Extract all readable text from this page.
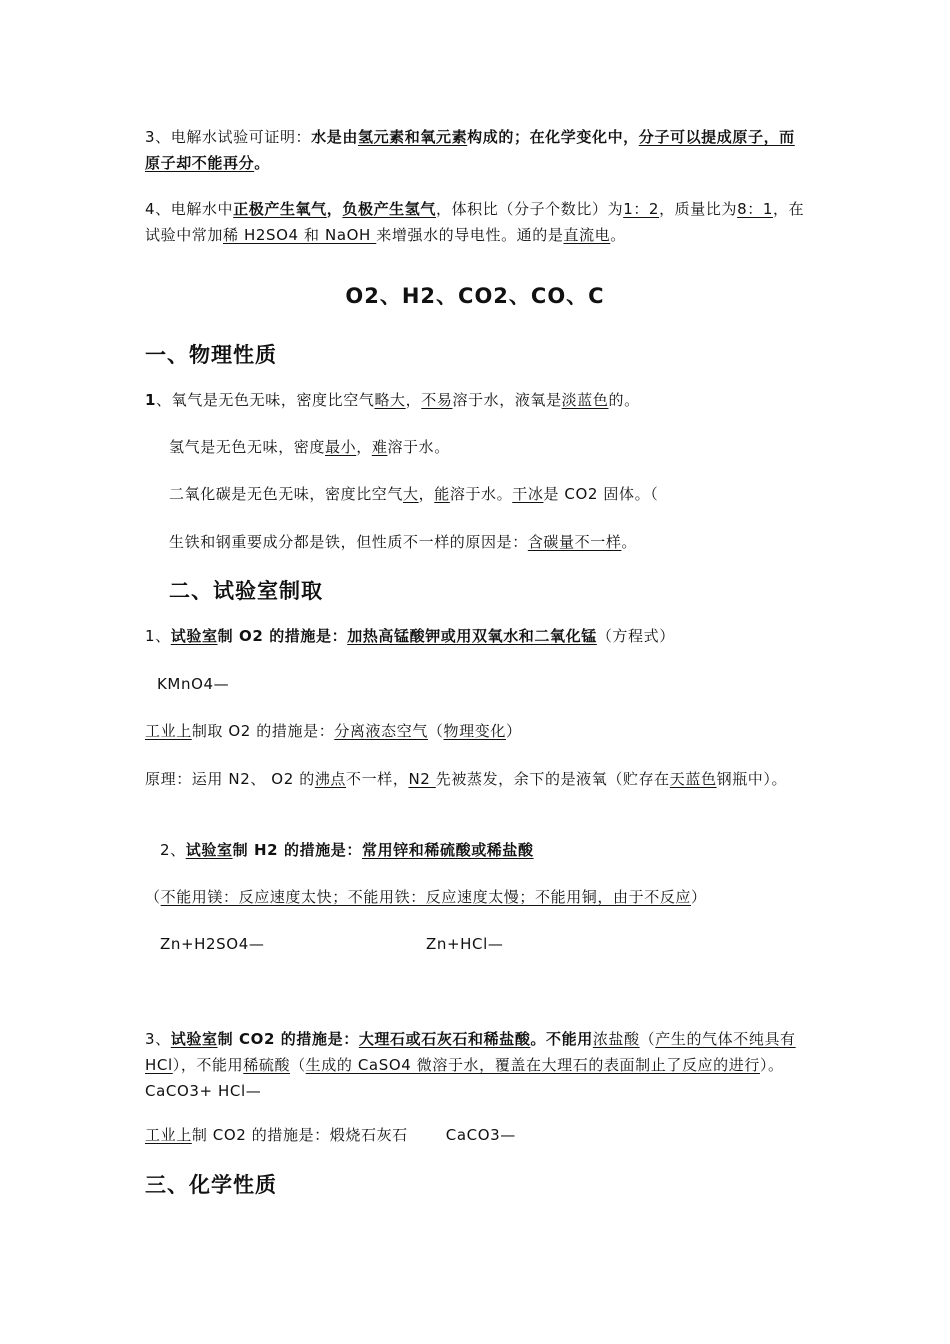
3、电解水试验可证明：水是由氢元素和氧元素构成的；在化学变化中，分子可以提成原子，而原子却不能再分。

4、电解水中正极产生氧气，负极产生氢气，体积比（分子个数比）为1：2，质量比为8：1，在试验中常加稀 H2SO4 和 NaOH 来增强水的导电性。通的是直流电。

O2、H2、CO2、CO、C
一、物理性质

1、氧气是无色无味，密度比空气略大，不易溶于水，液氧是淡蓝色的。

氢气是无色无味，密度最小，难溶于水。

二氧化碳是无色无味，密度比空气大，能溶于水。干冰是 CO2 固体。（

生铁和钢重要成分都是铁，但性质不一样的原因是：含碳量不一样。

二、试验室制取

1、试验室制 O2 的措施是：加热高锰酸钾或用双氧水和二氧化锰（方程式）

KMnO4—

工业上制取 O2 的措施是：分离液态空气（物理变化）

原理：运用 N2、 O2 的沸点不一样，N2 先被蒸发，余下的是液氧（贮存在天蓝色钢瓶中）。

2、试验室制 H2 的措施是：常用锌和稀硫酸或稀盐酸

（不能用镁：反应速度太快；不能用铁：反应速度太慢；不能用铜，由于不反应）

Zn+H2SO4—	Zn+HCl—

3、试验室制 CO2 的措施是：大理石或石灰石和稀盐酸。不能用浓盐酸（产生的气体不纯具有 HCl），不能用稀硫酸（生成的 CaSO4 微溶于水，覆盖在大理石的表面制止了反应的进行）。 CaCO3+ HCl—

工业上制 CO2 的措施是：煅烧石灰石	CaCO3—

三、化学性质
